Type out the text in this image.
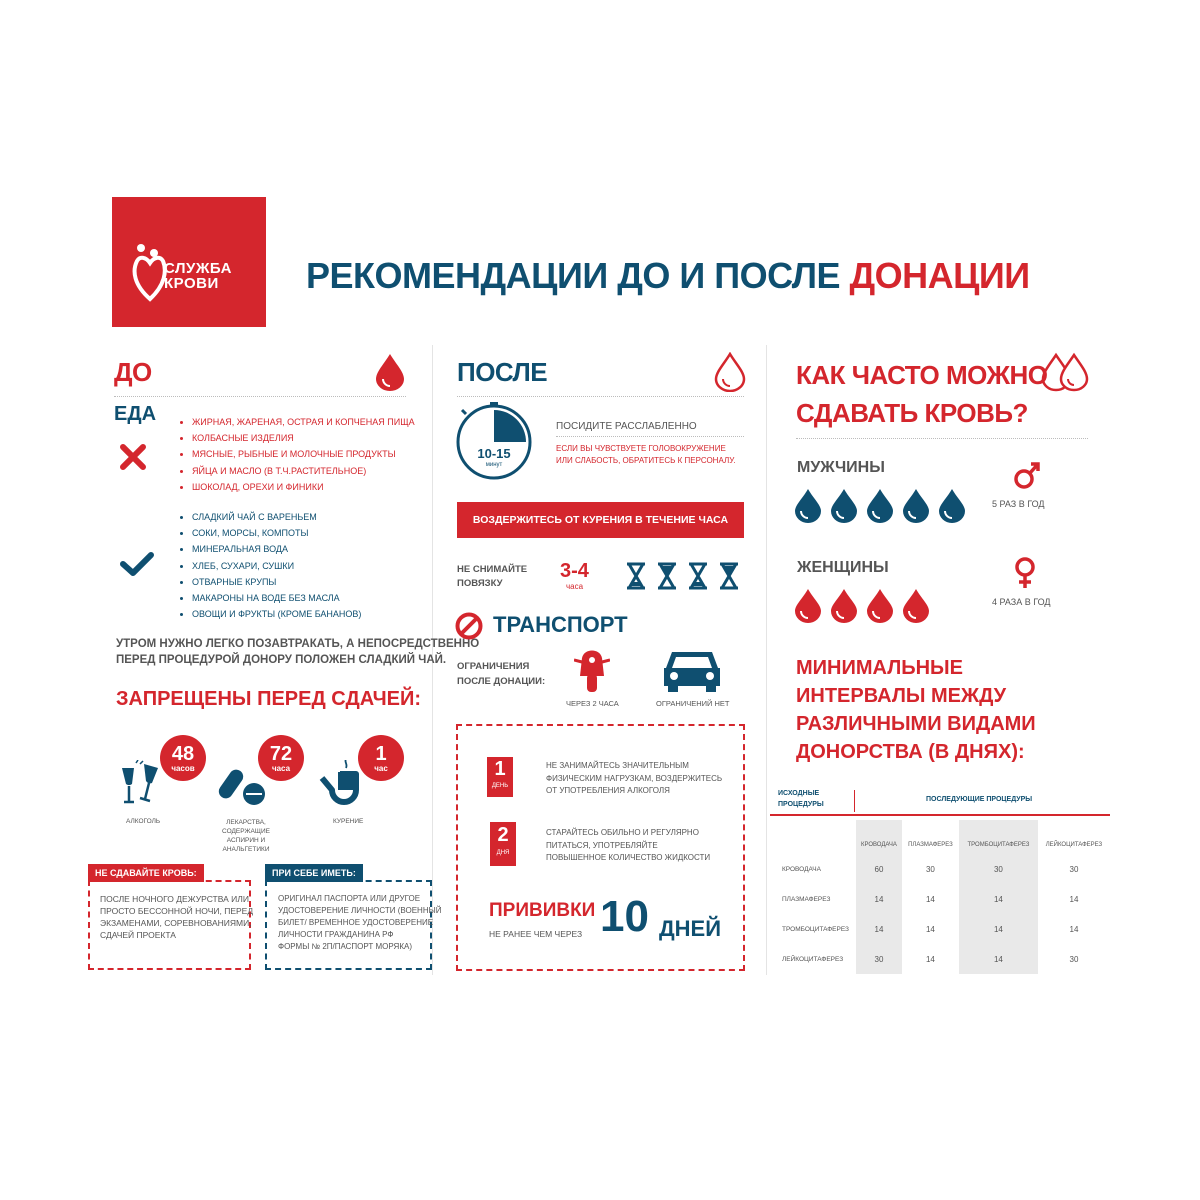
СЛУЖБА
КРОВИ	РЕКОМЕНДАЦИИ ДО И ПОСЛЕ ДОНАЦИИ
ДО
ЕДА	ЖИРНАЯ, ЖАРЕНАЯ, ОСТРАЯ И КОПЧЕНАЯ ПИЩА
КОЛБАСНЫЕ ИЗДЕЛИЯ
МЯСНЫЕ, РЫБНЫЕ И МОЛОЧНЫЕ ПРОДУКТЫ
ЯЙЦА И МАСЛО (В Т.Ч.РАСТИТЕЛЬНОЕ)
ШОКОЛАД, ОРЕХИ И ФИНИКИ
СЛАДКИЙ ЧАЙ С ВАРЕНЬЕМ
СОКИ, МОРСЫ, КОМПОТЫ
МИНЕРАЛЬНАЯ ВОДА
ХЛЕБ, СУХАРИ, СУШКИ
ОТВАРНЫЕ КРУПЫ
МАКАРОНЫ НА ВОДЕ БЕЗ МАСЛА
ОВОЩИ И ФРУКТЫ (КРОМЕ БАНАНОВ)
УТРОМ НУЖНО ЛЕГКО ПОЗАВТРАКАТЬ, А НЕПОСРЕДСТВЕННО
ПЕРЕД ПРОЦЕДУРОЙ ДОНОРУ ПОЛОЖЕН СЛАДКИЙ ЧАЙ.
ЗАПРЕЩЕНЫ ПЕРЕД СДАЧЕЙ:
48
часов
АЛКОГОЛЬ
72
часа
ЛЕКАРСТВА, СОДЕРЖАЩИЕ
АСПИРИН И АНАЛЬГЕТИКИ
1
час
КУРЕНИЕ
НЕ СДАВАЙТЕ КРОВЬ:
ПОСЛЕ НОЧНОГО ДЕЖУРСТВА ИЛИ
ПРОСТО БЕССОННОЙ НОЧИ, ПЕРЕД
ЭКЗАМЕНАМИ, СОРЕВНОВАНИЯМИ,
СДАЧЕЙ ПРОЕКТА
ПРИ СЕБЕ ИМЕТЬ:
ОРИГИНАЛ ПАСПОРТА ИЛИ ДРУГОЕ
УДОСТОВЕРЕНИЕ ЛИЧНОСТИ (ВОЕННЫЙ
БИЛЕТ/ ВРЕМЕННОЕ УДОСТОВЕРЕНИЕ
ЛИЧНОСТИ ГРАЖДАНИНА РФ
ФОРМЫ № 2П/ПАСПОРТ МОРЯКА)
ПОСЛЕ
10-15
минут
ПОСИДИТЕ РАССЛАБЛЕННО
ЕСЛИ ВЫ ЧУВСТВУЕТЕ ГОЛОВОКРУЖЕНИЕ
ИЛИ СЛАБОСТЬ, ОБРАТИТЕСЬ К ПЕРСОНАЛУ.
ВОЗДЕРЖИТЕСЬ ОТ КУРЕНИЯ В ТЕЧЕНИЕ ЧАСА
НЕ СНИМАЙТЕ
ПОВЯЗКУ
3-4
часа
ТРАНСПОРТ
ОГРАНИЧЕНИЯ
ПОСЛЕ ДОНАЦИИ:
ЧЕРЕЗ 2 ЧАСА	ОГРАНИЧЕНИЙ НЕТ
1
ДЕНЬ
НЕ ЗАНИМАЙТЕСЬ ЗНАЧИТЕЛЬНЫМ
ФИЗИЧЕСКИМ НАГРУЗКАМ, ВОЗДЕРЖИТЕСЬ
ОТ УПОТРЕБЛЕНИЯ АЛКОГОЛЯ
2
ДНЯ
СТАРАЙТЕСЬ ОБИЛЬНО И РЕГУЛЯРНО
ПИТАТЬСЯ, УПОТРЕБЛЯЙТЕ
ПОВЫШЕННОЕ КОЛИЧЕСТВО ЖИДКОСТИ
ПРИВИВКИ
НЕ РАНЕЕ ЧЕМ ЧЕРЕЗ 10 ДНЕЙ
КАК ЧАСТО МОЖНО
СДАВАТЬ КРОВЬ?
МУЖЧИНЫ
5 РАЗ В ГОД
ЖЕНЩИНЫ
4 РАЗА В ГОД
МИНИМАЛЬНЫЕ
ИНТЕРВАЛЫ МЕЖДУ
РАЗЛИЧНЫМИ ВИДАМИ
ДОНОРСТВА (В ДНЯХ):
ИСХОДНЫЕ
ПРОЦЕДУРЫ
ПОСЛЕДУЮЩИЕ ПРОЦЕДУРЫ
	КРОВОДАЧА	ПЛАЗМАФЕРЕЗ	ТРОМБОЦИТАФЕРЕЗ	ЛЕЙКОЦИТАФЕРЕЗ
КРОВОДАЧА	60	30	30	30
ПЛАЗМАФЕРЕЗ	14	14	14	14
ТРОМБОЦИТАФЕРЕЗ	14	14	14	14
ЛЕЙКОЦИТАФЕРЕЗ	30	14	14	30
